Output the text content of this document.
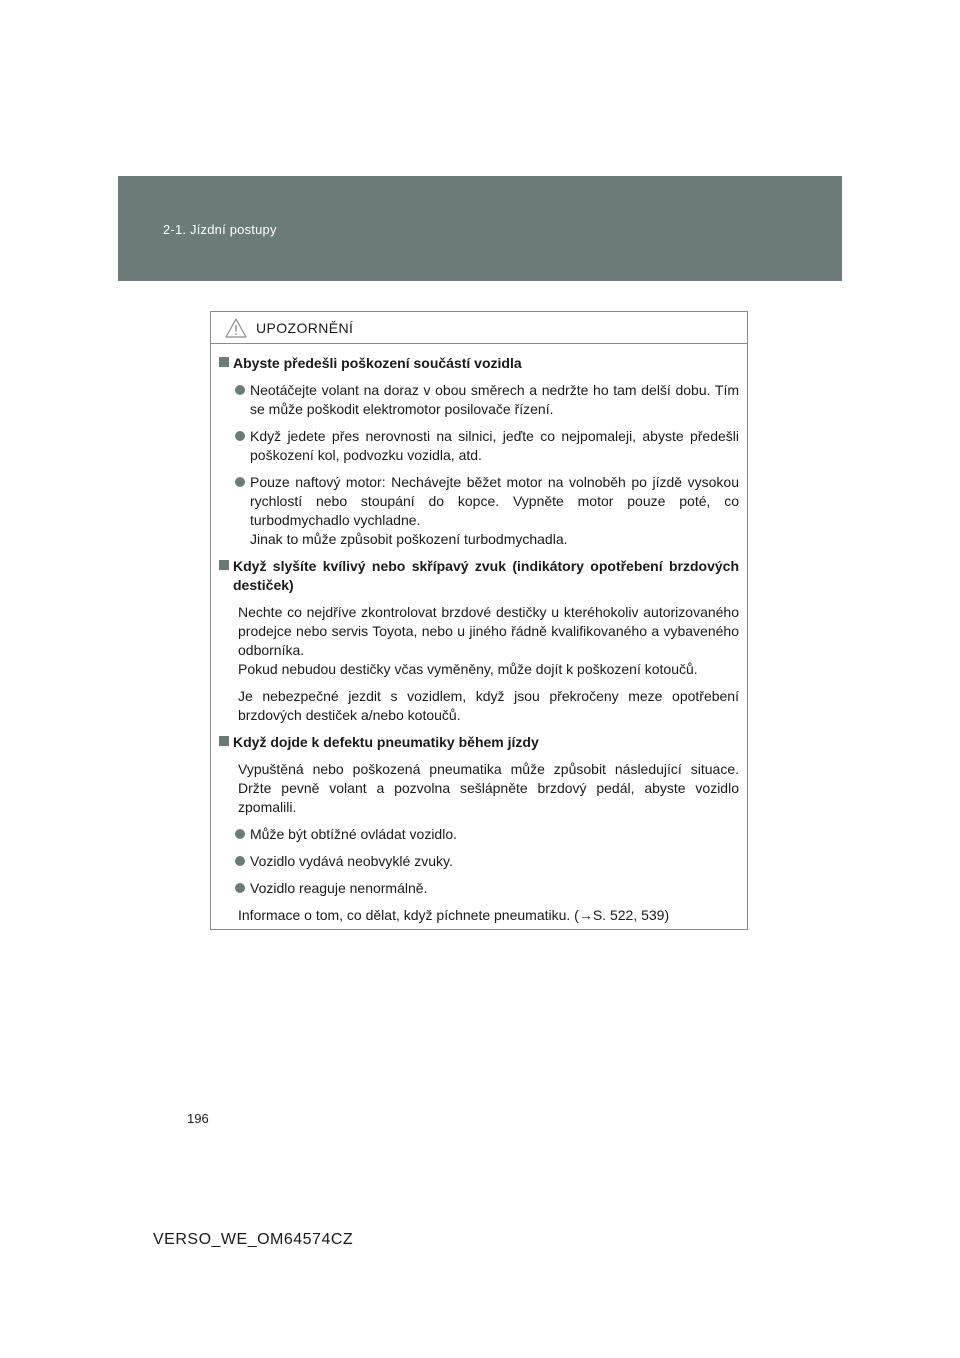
2-1. Jízdní postupy
UPOZORNĚNÍ
Abyste předešli poškození součástí vozidla
Neotáčejte volant na doraz v obou směrech a nedržte ho tam delší dobu. Tím se může poškodit elektromotor posilovače řízení.
Když jedete přes nerovnosti na silnici, jeďte co nejpomaleji, abyste předešli poškození kol, podvozku vozidla, atd.
Pouze naftový motor: Nechávejte běžet motor na volnoběh po jízdě vysokou rychlostí nebo stoupání do kopce. Vypněte motor pouze poté, co turbodmychadlo vychladne.
Jinak to může způsobit poškození turbodmychadla.
Když slyšíte kvílivý nebo skřípavý zvuk (indikátory opotřebení brzdových destiček)
Nechte co nejdříve zkontrolovat brzdové destičky u kteréhokoliv autorizovaného prodejce nebo servis Toyota, nebo u jiného řádně kvalifikovaného a vybaveného odborníka.
Pokud nebudou destičky včas vyměněny, může dojít k poškození kotoučů.
Je nebezpečné jezdit s vozidlem, když jsou překročeny meze opotřebení brzdových destiček a/nebo kotoučů.
Když dojde k defektu pneumatiky během jízdy
Vypuštěná nebo poškozená pneumatika může způsobit následující situace. Držte pevně volant a pozvolna sešlápněte brzdový pedál, abyste vozidlo zpomalili.
Může být obtížné ovládat vozidlo.
Vozidlo vydává neobvyklé zvuky.
Vozidlo reaguje nenormálně.
Informace o tom, co dělat, když píchnete pneumatiku. (→S. 522, 539)
196
VERSO_WE_OM64574CZ
